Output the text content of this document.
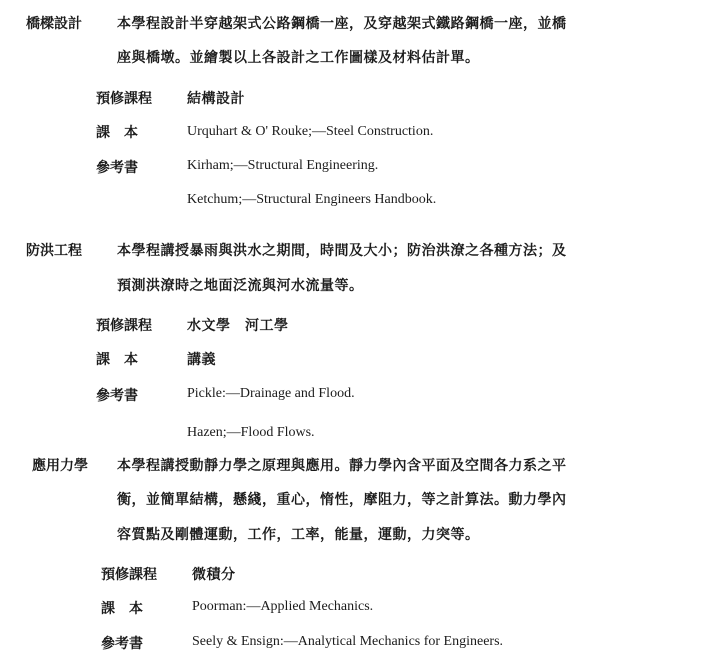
橋樑設計	本學程設計半穿越架式公路鋼橋一座，及穿越架式鐵路鋼橋一座，並橋
座與橋墩。並繪製以上各設計之工作圖樣及材料估計單。
預修課程	結構設計
課　本	Urquhart & O' Rouke;—Steel Construction.
參考書	Kirham;—Structural Engineering.
Ketchum;—Structural Engineers Handbook.
防洪工程	本學程講授暴雨與洪水之期間，時間及大小；防治洪潦之各種方法；及
預測洪潦時之地面泛流與河水流量等。
預修課程	水文學　河工學
課　本	講義
參考書	Pickle:—Drainage and Flood.
Hazen;—Flood Flows.
應用力學 本學程講授動靜力學之原理與應用。靜力學內含平面及空間各力系之平
衡，並簡單結構，懸綫，重心，惰性，摩阻力，等之計算法。動力學內
容質點及剛體運動，工作，工率，能量，運動，力突等。
預修課程	微積分
課　本	Poorman:—Applied Mechanics.
參考書	Seely & Ensign:—Analytical Mechanics for Engineers.
